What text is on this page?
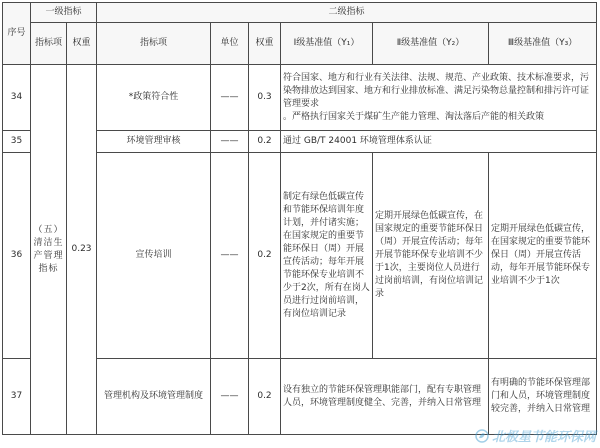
序号	一级指标		二级指标					
	指标项	权重	指标项	单位	权重	Ⅰ级基准值（Y₁）	Ⅱ级基准值（Y₂）	Ⅲ级基准值（Y₃）
34	（五）清洁生产管理指标	0.23	*政策符合性	——	0.3	符合国家、地方和行业有关法律、法规、规范、产业政策、技术标准要求，污染物排放达到国家、地方和行业排放标准、满足污染物总量控制和排污许可证管理要求
。严格执行国家关于煤矿生产能力管理、淘汰落后产能的相关政策		
35			环境管理审核	——	0.2	通过 GB/T 24001 环境管理体系认证		
36			宣传培训	——	0.2	制定有绿色低碳宣传和节能环保培训年度计划，并付诸实施；在国家规定的重要节能环保日（周）开展宣传活动；每年开展节能环保专业培训不少于2次，所有在岗人员进行过岗前培训，有岗位培训记录	定期开展绿色低碳宣传，在国家规定的重要节能环保日（周）开展宣传活动；每年开展节能环保专业培训不少于1次，主要岗位人员进行过岗前培训，有岗位培训记录	定期开展绿色低碳宣传，在国家规定的重要节能环保日（周）开展宣传活动，每年开展节能环保专业培训不少于1次
37			管理机构及环境管理制度	——	0.2	设有独立的节能环保管理职能部门，配有专职管理人员，环境管理制度健全、完善，并纳入日常管理		有明确的节能环保管理部门和人员，环境管理制度较完善，并纳入日常管理
北极星节能环保网
